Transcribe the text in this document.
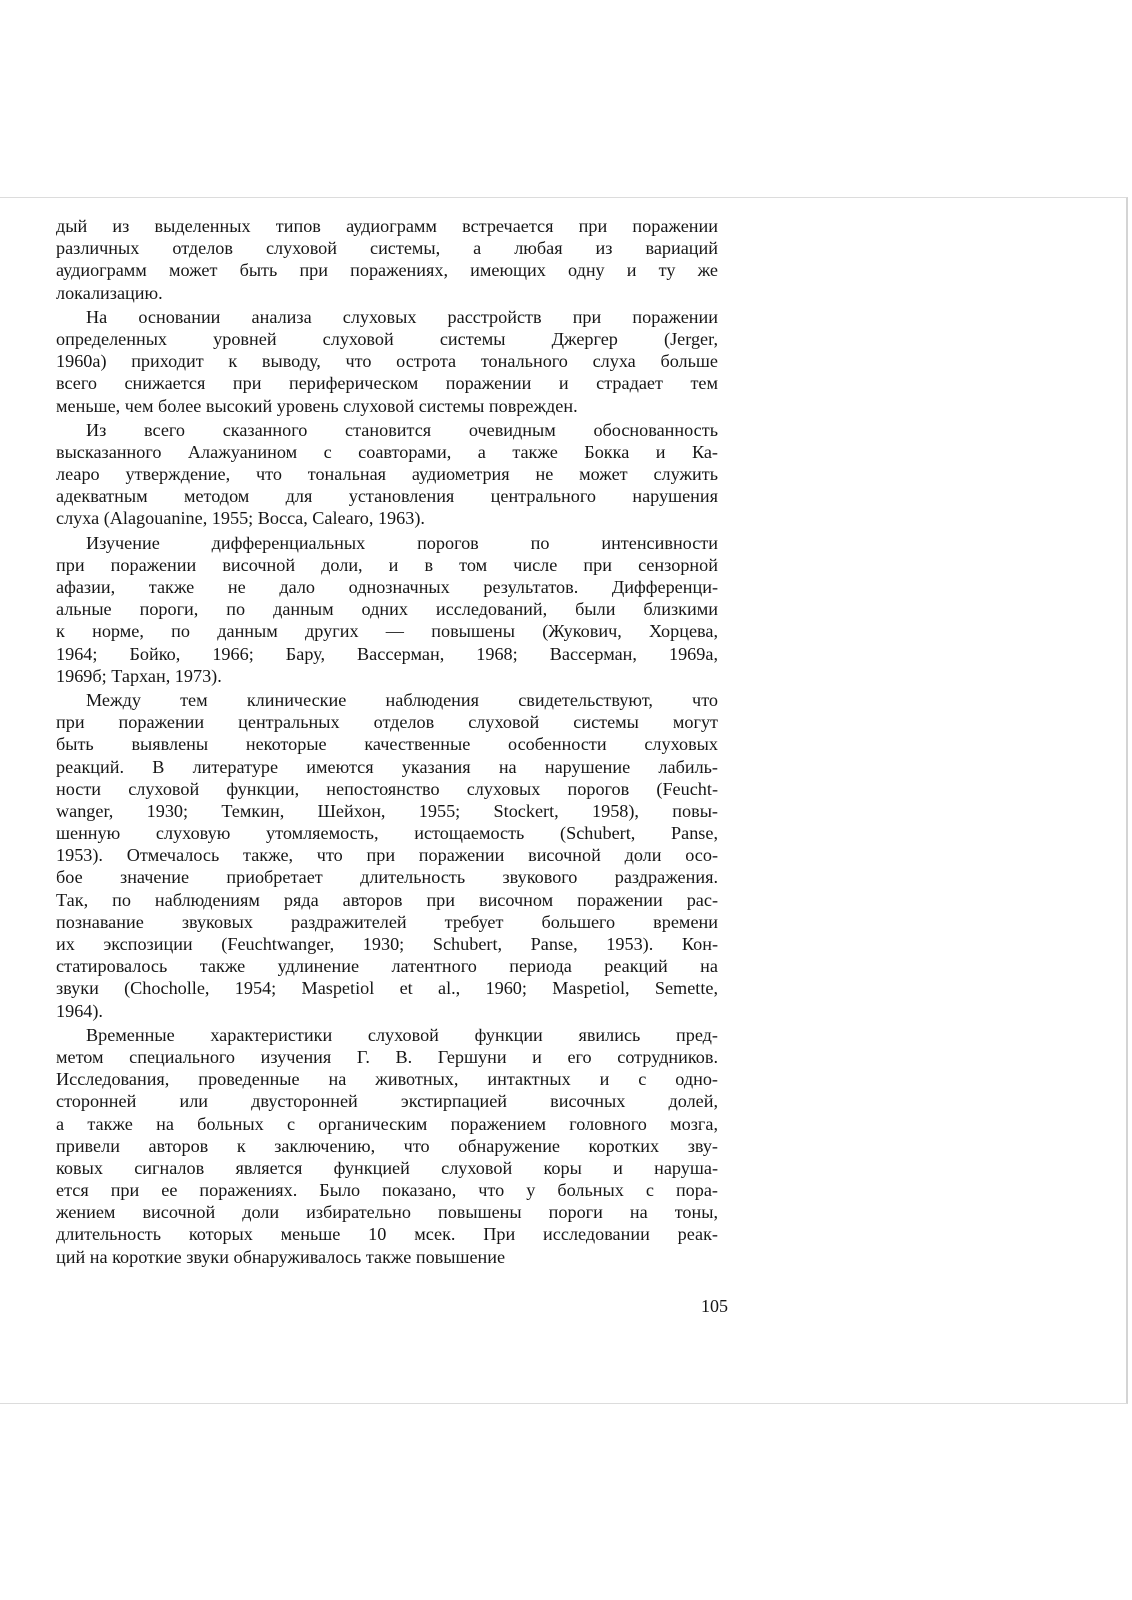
дый из выделенных типов аудиограмм встречается при поражении
различных отделов слуховой системы, а любая из вариаций
аудиограмм может быть при поражениях, имеющих одну и ту же
локализацию.
На основании анализа слуховых расстройств при поражении
определенных уровней слуховой системы Джергер (Jerger,
1960a) приходит к выводу, что острота тонального слуха больше
всего снижается при периферическом поражении и страдает тем
меньше, чем более высокий уровень слуховой системы поврежден.
Из всего сказанного становится очевидным обоснованность
высказанного Алажуанином с соавторами, а также Бокка и Ка-
леаро утверждение, что тональная аудиометрия не может служить
адекватным методом для установления центрального нарушения
слуха (Alagouanine, 1955; Bocca, Calearo, 1963).
Изучение дифференциальных порогов по интенсивности
при поражении височной доли, и в том числе при сензорной
афазии, также не дало однозначных результатов. Дифференци-
альные пороги, по данным одних исследований, были близкими
к норме, по данным других — повышены (Жукович, Хорцева,
1964; Бойко, 1966; Бару, Вассерман, 1968; Вассерман, 1969а,
1969б; Тархан, 1973).
Между тем клинические наблюдения свидетельствуют, что
при поражении центральных отделов слуховой системы могут
быть выявлены некоторые качественные особенности слуховых
реакций. В литературе имеются указания на нарушение лабиль-
ности слуховой функции, непостоянство слуховых порогов (Feucht-
wanger, 1930; Темкин, Шейхон, 1955; Stockert, 1958), повы-
шенную слуховую утомляемость, истощаемость (Schubert, Panse,
1953). Отмечалось также, что при поражении височной доли осо-
бое значение приобретает длительность звукового раздражения.
Так, по наблюдениям ряда авторов при височном поражении рас-
познавание звуковых раздражителей требует большего времени
их экспозиции (Feuchtwanger, 1930; Schubert, Panse, 1953). Кон-
статировалось также удлинение латентного периода реакций на
звуки (Chocholle, 1954; Maspetiol et al., 1960; Maspetiol, Semette,
1964).
Временные характеристики слуховой функции явились пред-
метом специального изучения Г. В. Гершуни и его сотрудников.
Исследования, проведенные на животных, интактных и с одно-
сторонней или двусторонней экстирпацией височных долей,
а также на больных с органическим поражением головного мозга,
привели авторов к заключению, что обнаружение коротких зву-
ковых сигналов является функцией слуховой коры и наруша-
ется при ее поражениях. Было показано, что у больных с пора-
жением височной доли избирательно повышены пороги на тоны,
длительность которых меньше 10 мсек. При исследовании реак-
ций на короткие звуки обнаруживалось также повышение
105
